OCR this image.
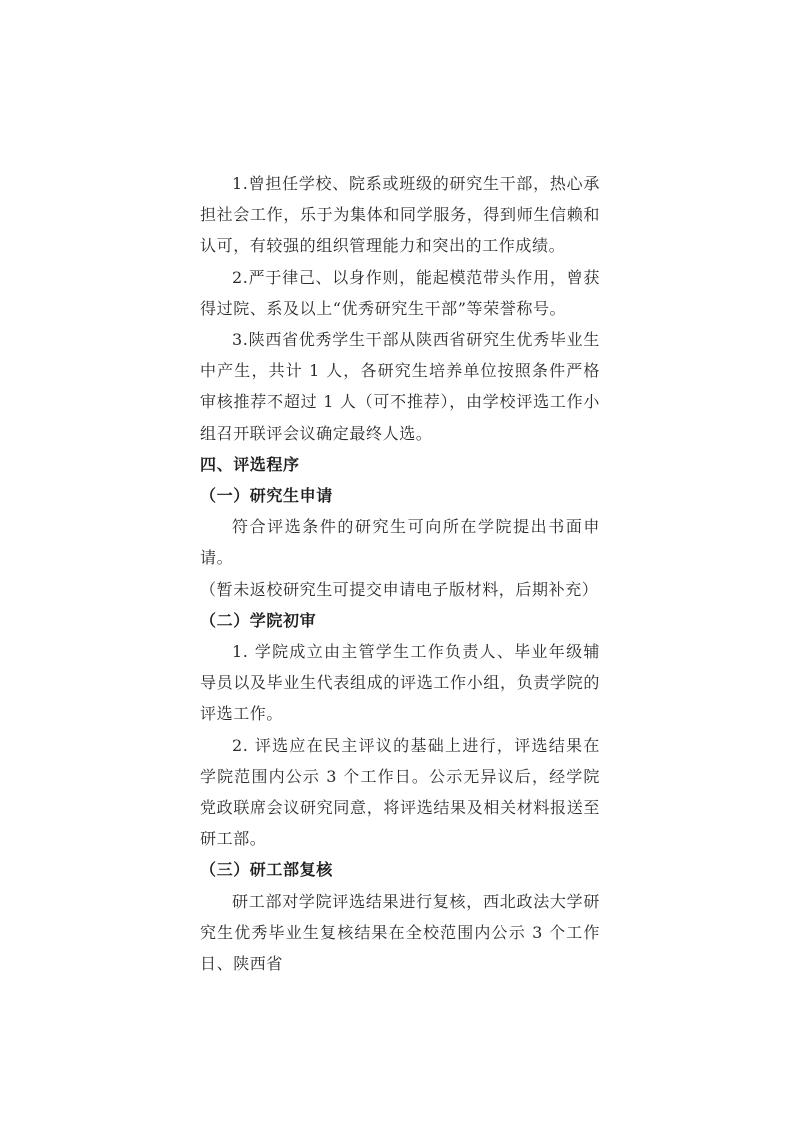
1.曾担任学校、院系或班级的研究生干部，热心承担社会工作，乐于为集体和同学服务，得到师生信赖和认可，有较强的组织管理能力和突出的工作成绩。

2.严于律己、以身作则，能起模范带头作用，曾获得过院、系及以上“优秀研究生干部”等荣誉称号。

3.陕西省优秀学生干部从陕西省研究生优秀毕业生中产生，共计 1 人，各研究生培养单位按照条件严格审核推荐不超过 1 人（可不推荐），由学校评选工作小组召开联评会议确定最终人选。

四、评选程序

（一）研究生申请

符合评选条件的研究生可向所在学院提出书面申请。

（暂未返校研究生可提交申请电子版材料，后期补充）

（二）学院初审

1. 学院成立由主管学生工作负责人、毕业年级辅导员以及毕业生代表组成的评选工作小组，负责学院的评选工作。

2. 评选应在民主评议的基础上进行，评选结果在学院范围内公示 3 个工作日。公示无异议后，经学院党政联席会议研究同意，将评选结果及相关材料报送至研工部。

（三）研工部复核

研工部对学院评选结果进行复核，西北政法大学研究生优秀毕业生复核结果在全校范围内公示 3 个工作日、陕西省
